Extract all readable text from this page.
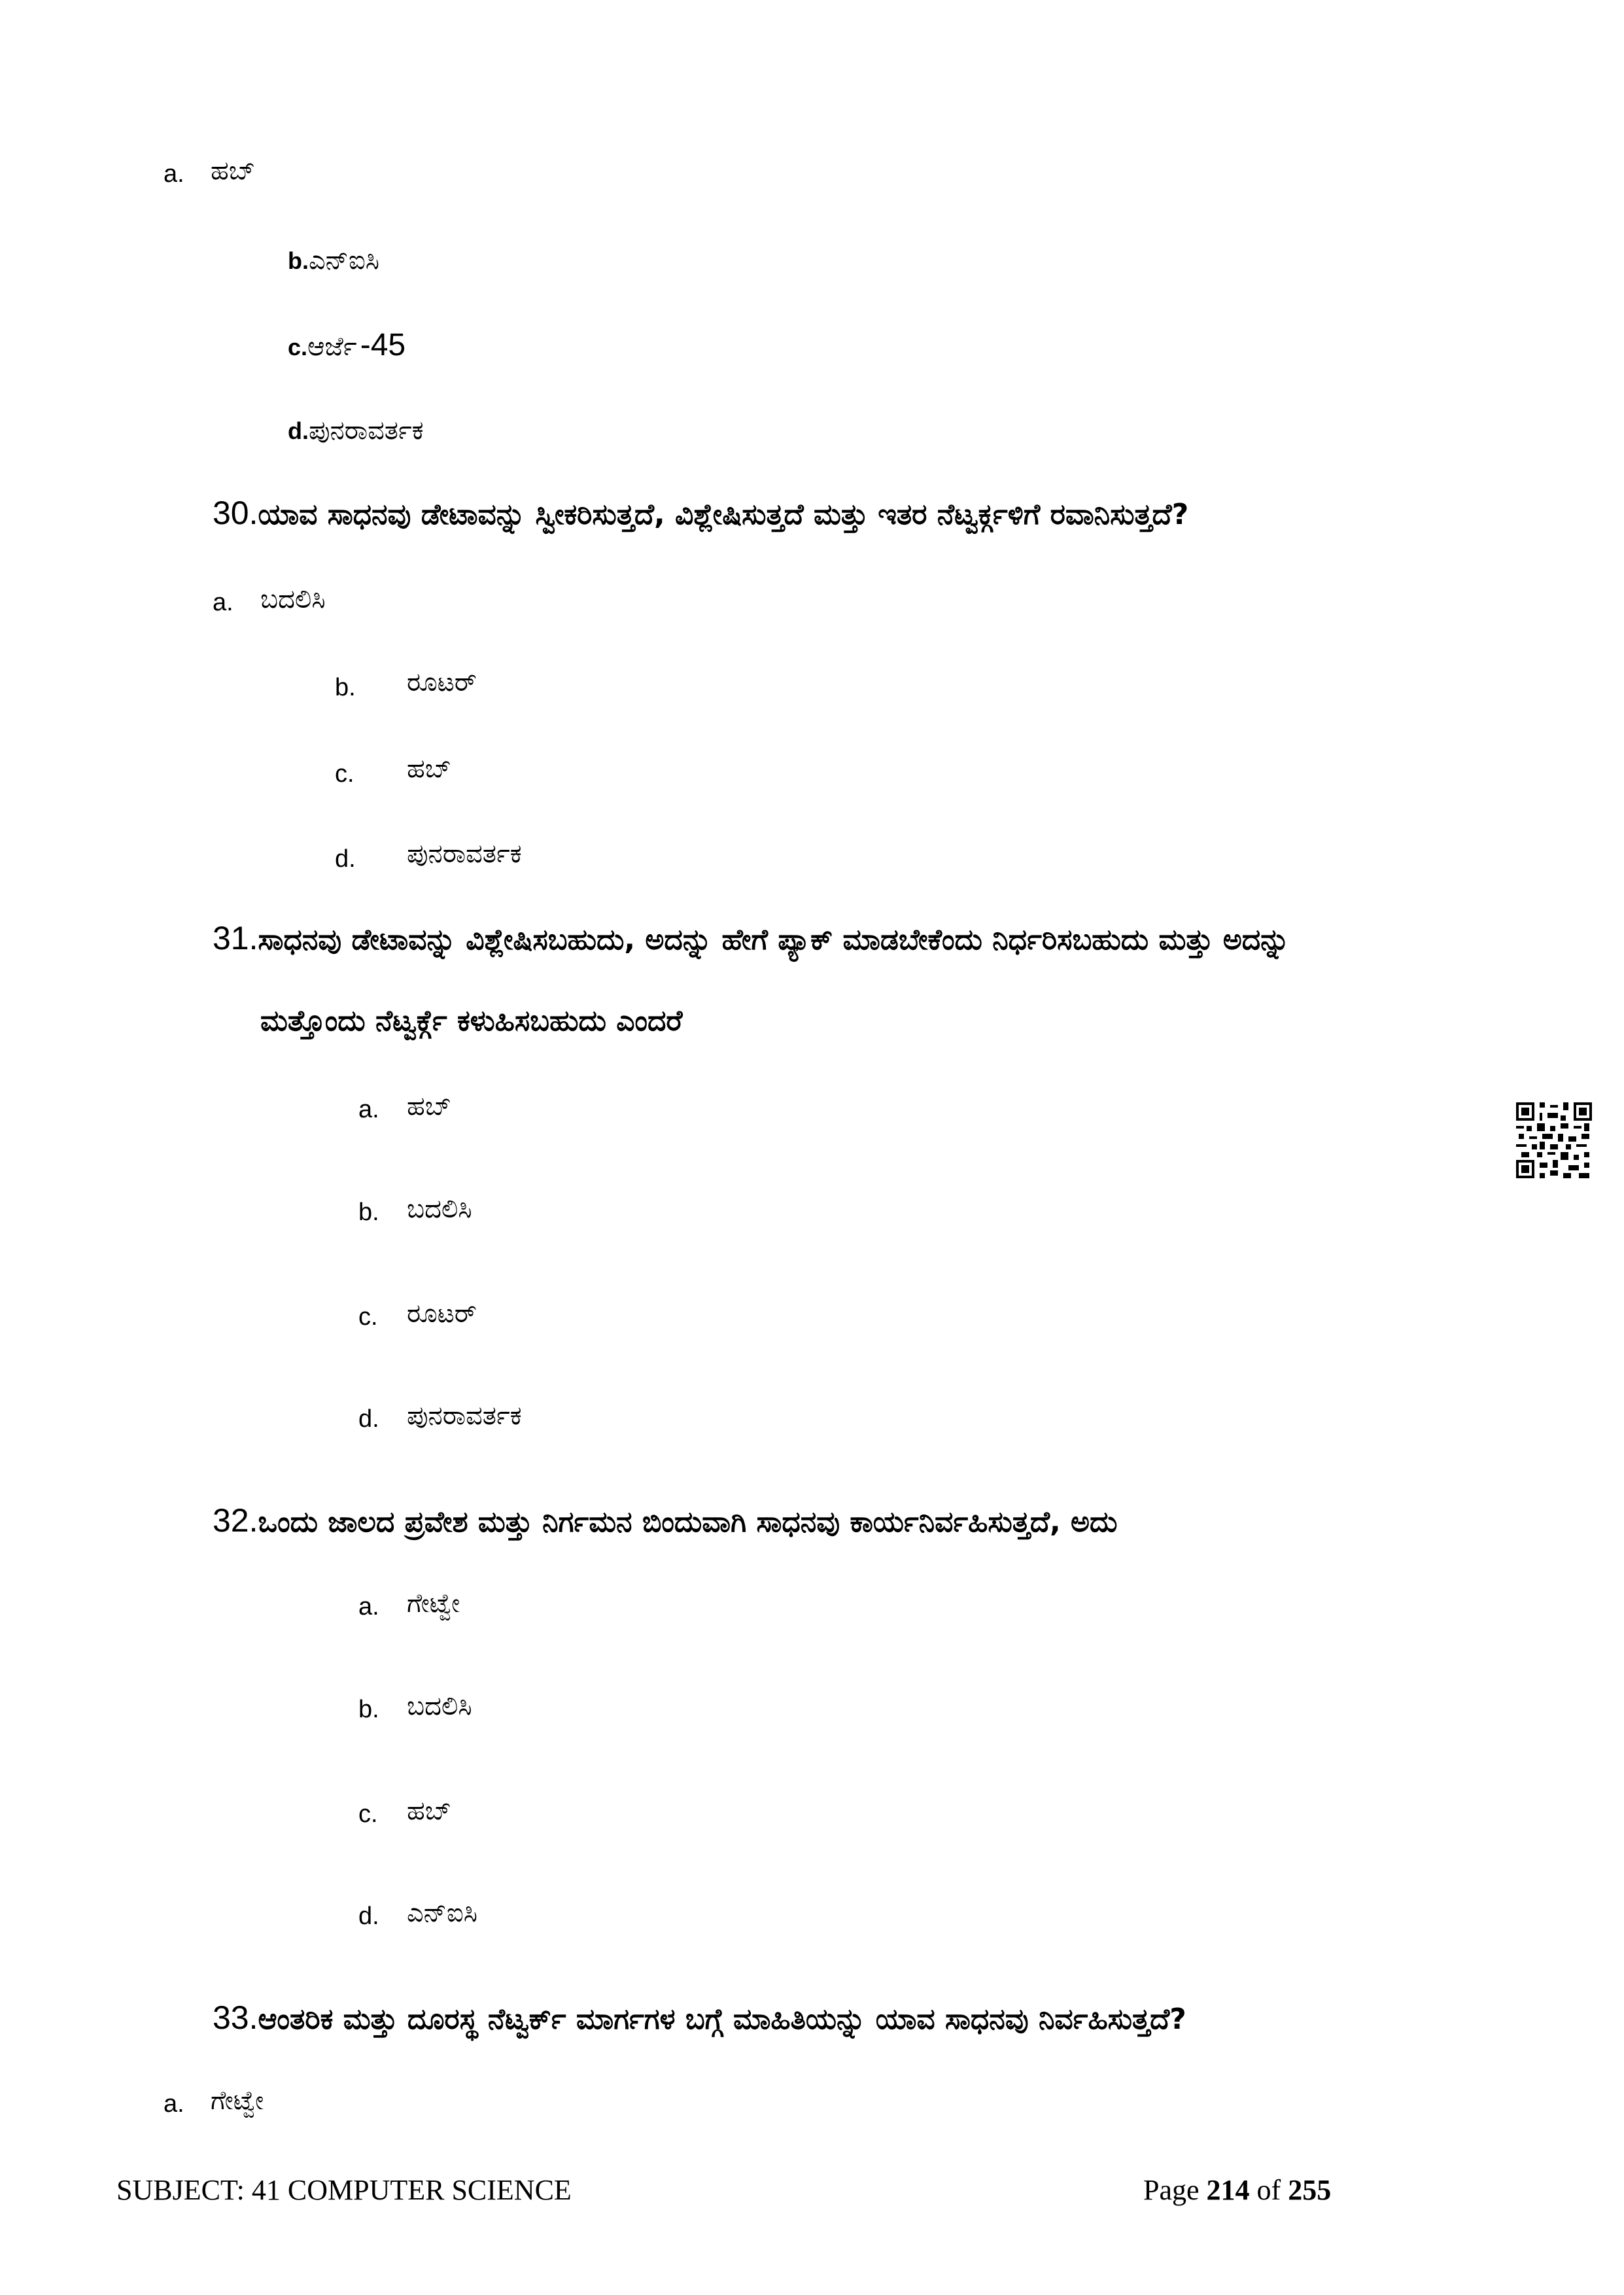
a. ಹಬ್
b.ಎನ್ಐಸಿ
c.ಆರ್ಜೆ -45
d.ಪುನರಾವರ್ತಕ
30.ಯಾವ ಸಾಧನವು ಡೇಟಾವನ್ನು ಸ್ವೀಕರಿಸುತ್ತದೆ, ವಿಶ್ಲೇಷಿಸುತ್ತದೆ ಮತ್ತು ಇತರ ನೆಟ್ವರ್ಕ್ಗಳಿಗೆ ರವಾನಿಸುತ್ತದೆ?
a. ಬದಲಿಸಿ
b. ರೂಟರ್
c. ಹಬ್
d. ಪುನರಾವರ್ತಕ
31.ಸಾಧನವು ಡೇಟಾವನ್ನು ವಿಶ್ಲೇಷಿಸಬಹುದು, ಅದನ್ನು ಹೇಗೆ ಪ್ಯಾಕ್ ಮಾಡಬೇಕೆಂದು ನಿರ್ಧರಿಸಬಹುದು ಮತ್ತು ಅದನ್ನು
ಮತ್ತೊಂದು ನೆಟ್ವರ್ಕ್ಗೆ ಕಳುಹಿಸಬಹುದು ಎಂದರೆ
a. ಹಬ್
b. ಬದಲಿಸಿ
c. ರೂಟರ್
d. ಪುನರಾವರ್ತಕ
32.ಒಂದು ಜಾಲದ ಪ್ರವೇಶ ಮತ್ತು ನಿರ್ಗಮನ ಬಿಂದುವಾಗಿ ಸಾಧನವು ಕಾರ್ಯನಿರ್ವಹಿಸುತ್ತದೆ, ಅದು
a. ಗೇಟ್ವೇ
b. ಬದಲಿಸಿ
c. ಹಬ್
d. ಎನ್ಐಸಿ
33.ಆಂತರಿಕ ಮತ್ತು ದೂರಸ್ಥ ನೆಟ್ವರ್ಕ್ ಮಾರ್ಗಗಳ ಬಗ್ಗೆ ಮಾಹಿತಿಯನ್ನು ಯಾವ ಸಾಧನವು ನಿರ್ವಹಿಸುತ್ತದೆ?
a. ಗೇಟ್ವೇ
SUBJECT: 41 COMPUTER SCIENCE	Page 214 of 255
